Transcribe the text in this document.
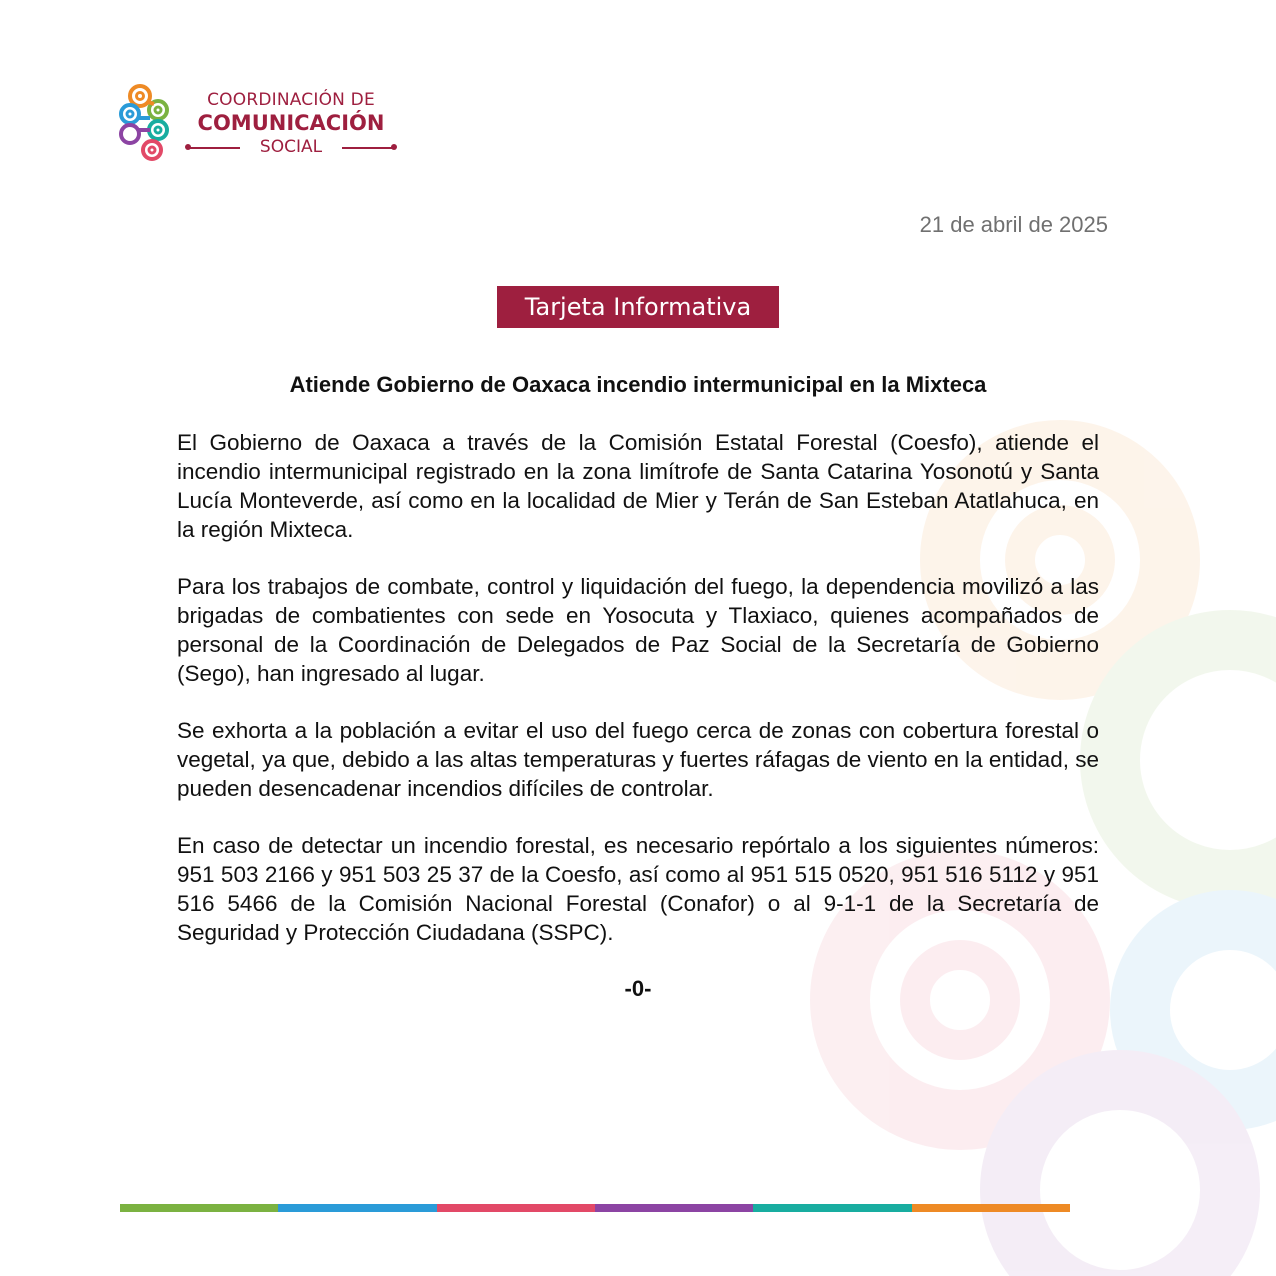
COORDINACIÓN DE
COMUNICACIÓN
SOCIAL
21 de abril de 2025
Tarjeta Informativa
Atiende Gobierno de Oaxaca incendio intermunicipal en la Mixteca

El Gobierno de Oaxaca a través de la Comisión Estatal Forestal (Coesfo), atiende el incendio intermunicipal registrado en la zona limítrofe de Santa Catarina Yosonotú y Santa Lucía Monteverde, así como en la localidad de Mier y Terán de San Esteban Atatlahuca, en la región Mixteca.

Para los trabajos de combate, control y liquidación del fuego, la dependencia movilizó a las brigadas de combatientes con sede en Yosocuta y Tlaxiaco, quienes acompañados de personal de la Coordinación de Delegados de Paz Social de la Secretaría de Gobierno (Sego), han ingresado al lugar.

Se exhorta a la población a evitar el uso del fuego cerca de zonas con cobertura forestal o vegetal, ya que, debido a las altas temperaturas y fuertes ráfagas de viento en la entidad, se pueden desencadenar incendios difíciles de controlar.

En caso de detectar un incendio forestal, es necesario repórtalo a los siguientes números: 951 503 2166 y 951 503 25 37 de la Coesfo, así como al 951 515 0520, 951 516 5112 y 951 516 5466 de la Comisión Nacional Forestal (Conafor) o al 9-1-1 de la Secretaría de Seguridad y Protección Ciudadana (SSPC).

-0-
